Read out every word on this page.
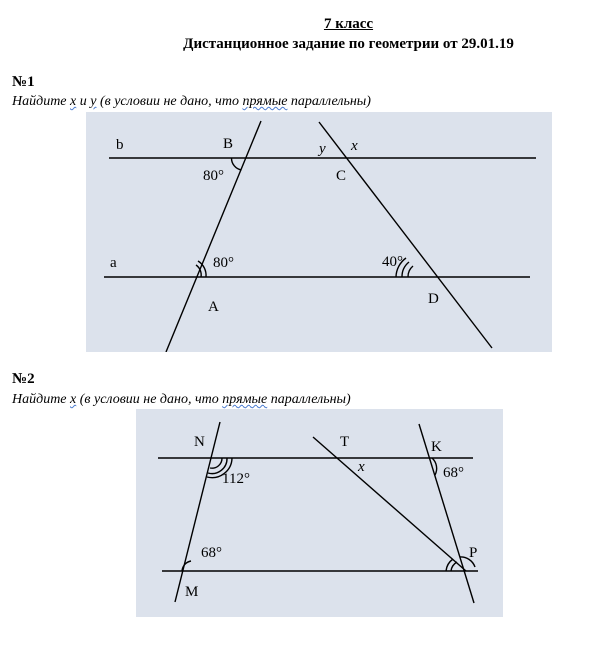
7 класс
Дистанционное задание по геометрии от 29.01.19
№1
Найдите x и y (в условии не дано, что прямые параллельны)
b	B	y x
C
80°
a	80°	40°
A	D
№2
Найдите x (в условии не дано, что прямые параллельны)
N	T	K
112°
x	68°
68°	P
M
